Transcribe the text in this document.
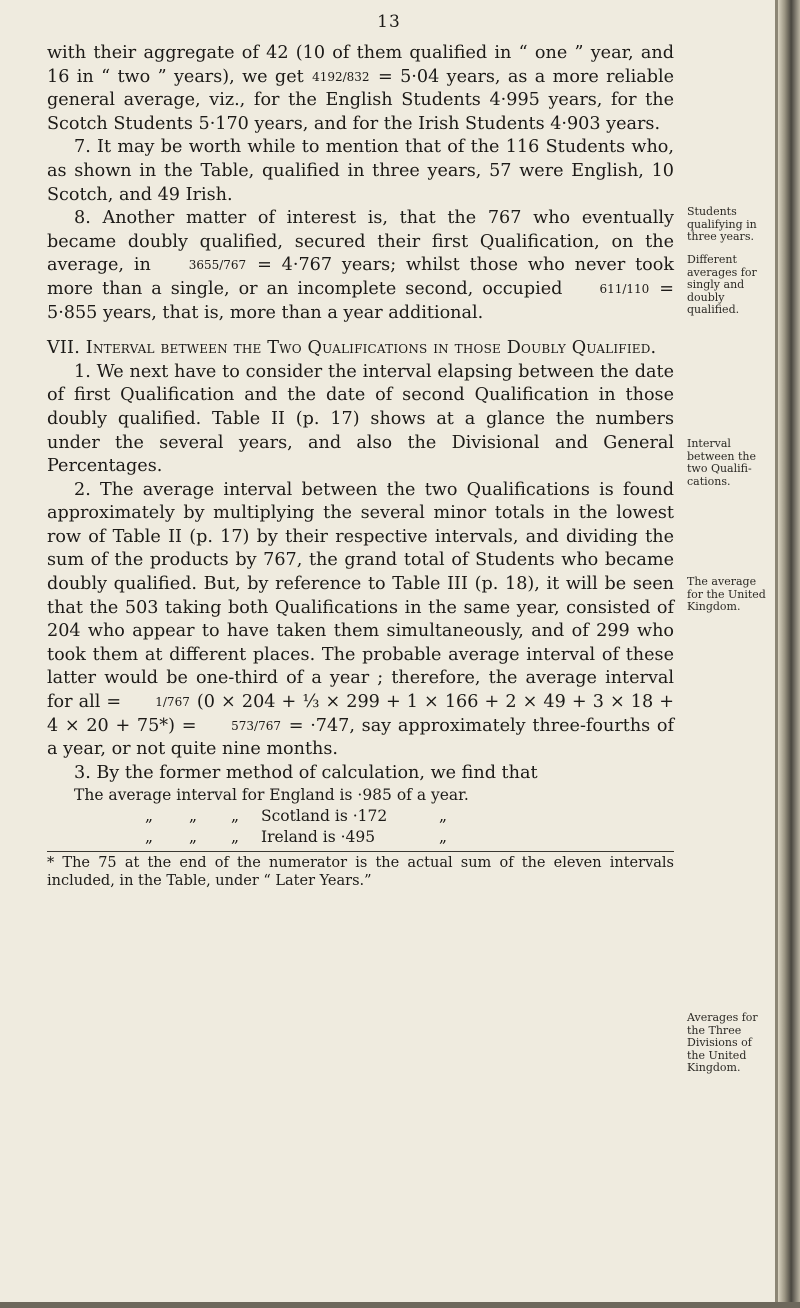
13

with their aggregate of 42 (10 of them qualified in “ one ” year, and 16 in “ two ” years), we get 4192/832 = 5·04 years, as a more reliable general average, viz., for the English Students 4·995 years, for the Scotch Students 5·170 years, and for the Irish Students 4·903 years.

7. It may be worth while to mention that of the 116 Students who, as shown in the Table, qualified in three years, 57 were English, 10 Scotch, and 49 Irish.

8. Another matter of interest is, that the 767 who eventually became doubly qualified, secured their first Qualification, on the average, in	3655/767 = 4·767 years; whilst those who never took more than a single, or an incomplete second, occupied	611/110 = 5·855 years, that is, more than a year additional.

VII. Interval between the Two Qualifications in those Doubly Qualified.

1. We next have to consider the interval elapsing between the date of first Qualification and the date of second Qualification in those doubly qualified. Table II (p. 17) shows at a glance the numbers under the several years, and also the Divisional and General Percentages.

2. The average interval between the two Qualifications is found approximately by multiplying the several minor totals in the lowest row of Table II (p. 17) by their respective intervals, and dividing the sum of the products by 767, the grand total of Students who became doubly qualified. But, by reference to Table III (p. 18), it will be seen that the 503 taking both Qualifications in the same year, consisted of 204 who appear to have taken them simultaneously, and of 299 who took them at different places. The probable average interval of these latter would be one-third of a year ; therefore, the average interval for all =	1/767 (0 × 204 + ⅓ × 299 + 1 × 166 + 2 × 49 + 3 × 18 + 4 × 20 + 75*) =	573/767 = ·747, say approximately three-fourths of a year, or not quite nine months.

3. By the former method of calculation, we find that

The average interval for England is ·985 of a year.
„ „ „ Scotland is ·172	„
„ „ „ Ireland is ·495	„

* The 75 at the end of the numerator is the actual sum of the eleven intervals included, in the Table, under “ Later Years.”

Students qualifying in three years.
Different averages for singly and doubly qualified.
Interval between the two Qualifi-cations.
The average for the United Kingdom.
Averages for the Three Divisions of the United Kingdom.
